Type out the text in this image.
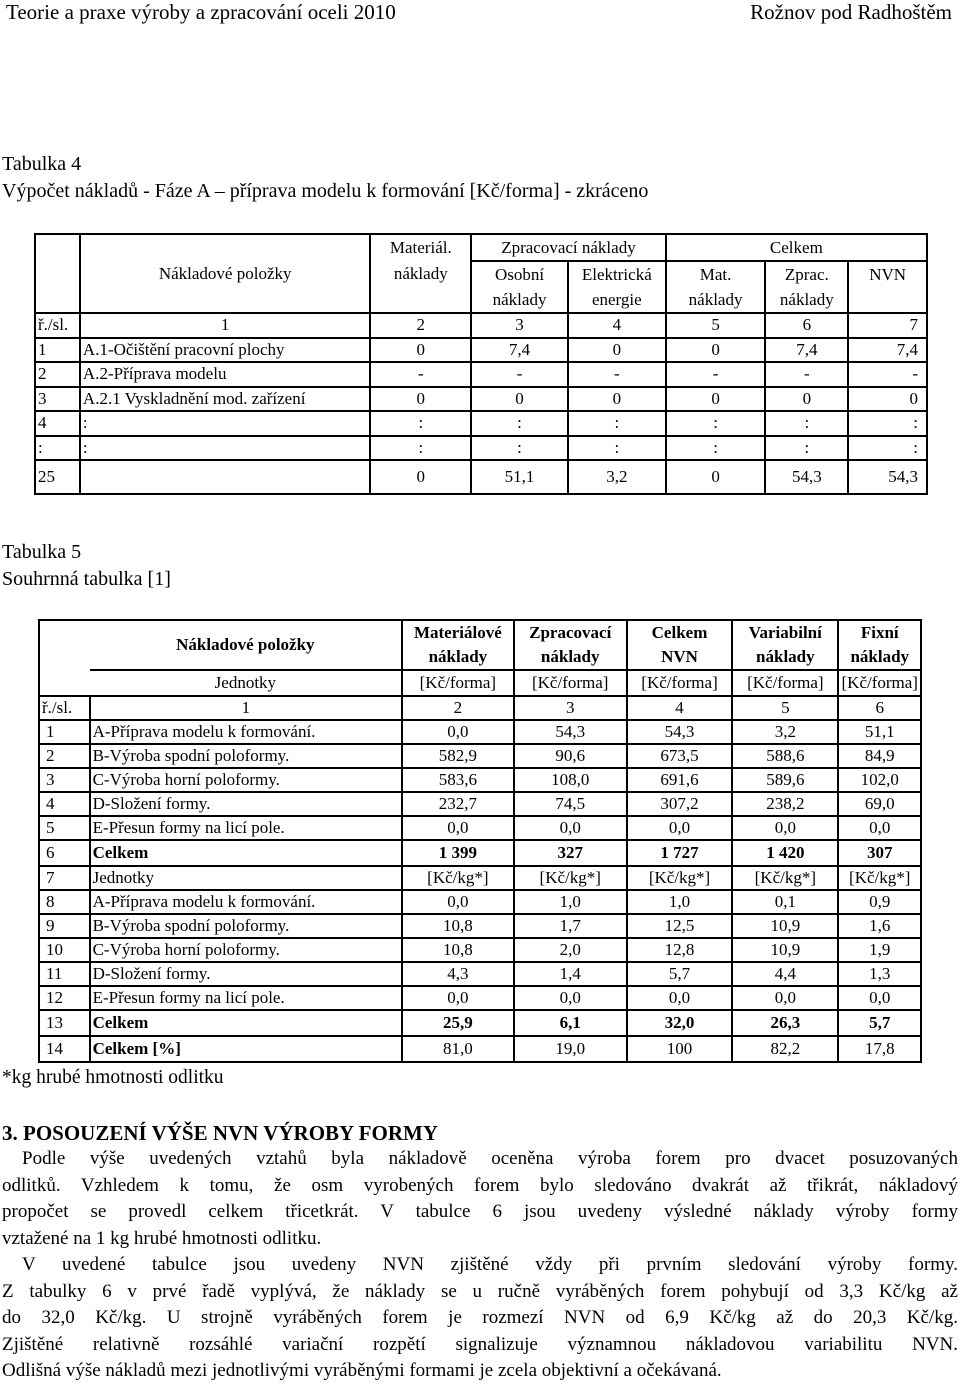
Teorie a praxe výroby a zpracování oceli 2010	Rožnov pod Radhoštěm
Tabulka 4
Výpočet nákladů - Fáze A – příprava modelu k formování [Kč/forma] - zkráceno
		Materiál.	Zpracovací náklady		Celkem		
	Nákladové položky	náklady	Osobní	Elektrická	Mat.	Zprac.	NVN
			náklady	energie	náklady	náklady	
ř./sl.	1	2	3	4	5	6	7
1	A.1-Očištění pracovní plochy	0	7,4	0	0	7,4	7,4
2	A.2-Příprava modelu	-	-	-	-	-	-
3	A.2.1 Vyskladnění mod. zařízení	0	0	0	0	0	0
4	:	:	:	:	:	:	:
:	:	:	:	:	:	:	:
25		0	51,1	3,2	0	54,3	54,3
Tabulka 5
Souhrnná tabulka [1]
	Nákladové položky	Materiálové	Zpracovací	Celkem	Variabilní	Fixní
		náklady	náklady	NVN	náklady	náklady
	Jednotky	[Kč/forma]	[Kč/forma]	[Kč/forma]	[Kč/forma]	[Kč/forma]
ř./sl.	1	2	3	4	5	6
1	A-Příprava modelu k formování.	0,0	54,3	54,3	3,2	51,1
2	B-Výroba spodní poloformy.	582,9	90,6	673,5	588,6	84,9
3	C-Výroba horní poloformy.	583,6	108,0	691,6	589,6	102,0
4	D-Složení formy.	232,7	74,5	307,2	238,2	69,0
5	E-Přesun formy na licí pole.	0,0	0,0	0,0	0,0	0,0
6	Celkem	1 399	327	1 727	1 420	307
7	Jednotky	[Kč/kg*]	[Kč/kg*]	[Kč/kg*]	[Kč/kg*]	[Kč/kg*]
8	A-Příprava modelu k formování.	0,0	1,0	1,0	0,1	0,9
9	B-Výroba spodní poloformy.	10,8	1,7	12,5	10,9	1,6
10	C-Výroba horní poloformy.	10,8	2,0	12,8	10,9	1,9
11	D-Složení formy.	4,3	1,4	5,7	4,4	1,3
12	E-Přesun formy na licí pole.	0,0	0,0	0,0	0,0	0,0
13	Celkem	25,9	6,1	32,0	26,3	5,7
14	Celkem [%]	81,0	19,0	100	82,2	17,8
*kg hrubé hmotnosti odlitku
3. POSOUZENÍ VÝŠE NVN VÝROBY FORMY
Podle výše uvedených vztahů byla nákladově oceněna výroba forem pro dvacet posuzovaných
odlitků. Vzhledem k tomu, že osm vyrobených forem bylo sledováno dvakrát až třikrát, nákladový
propočet se provedl celkem třicetkrát. V tabulce 6 jsou uvedeny výsledné náklady výroby formy
vztažené na 1 kg hrubé hmotnosti odlitku.
V uvedené tabulce jsou uvedeny NVN zjištěné vždy při prvním sledování výroby formy.
Z tabulky 6 v prvé řadě vyplývá, že náklady se u ručně vyráběných forem pohybují od 3,3 Kč/kg až
do 32,0 Kč/kg. U strojně vyráběných forem je rozmezí NVN od 6,9 Kč/kg až do 20,3 Kč/kg.
Zjištěné relativně rozsáhlé variační rozpětí signalizuje významnou nákladovou variabilitu NVN.
Odlišná výše nákladů mezi jednotlivými vyráběnými formami je zcela objektivní a očekávaná.
